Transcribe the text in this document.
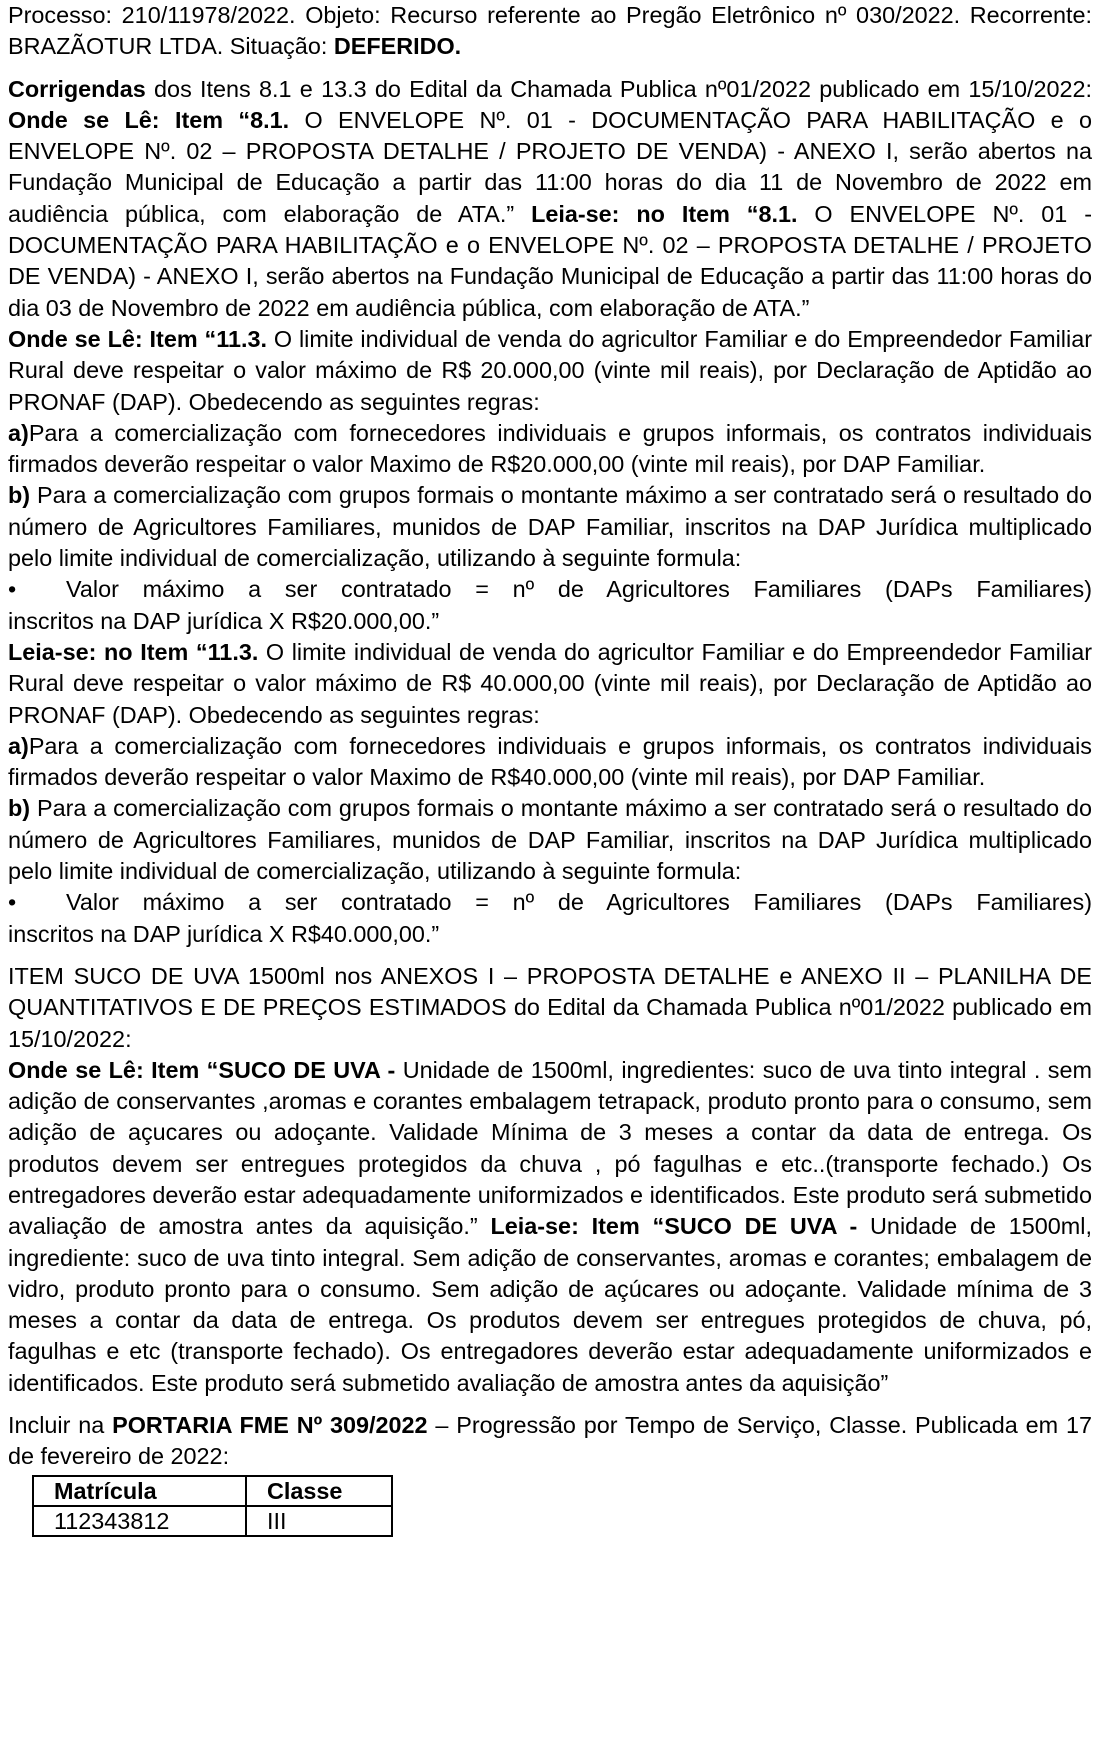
Processo: 210/11978/2022. Objeto: Recurso referente ao Pregão Eletrônico nº 030/2022. Recorrente: BRAZÃOTUR LTDA. Situação: DEFERIDO.

Corrigendas dos Itens 8.1 e 13.3 do Edital da Chamada Publica nº01/2022 publicado em 15/10/2022: Onde se Lê: Item “8.1. O ENVELOPE Nº. 01 - DOCUMENTAÇÃO PARA HABILITAÇÃO e o ENVELOPE Nº. 02 – PROPOSTA DETALHE / PROJETO DE VENDA) - ANEXO I, serão abertos na Fundação Municipal de Educação a partir das 11:00 horas do dia 11 de Novembro de 2022 em audiência pública, com elaboração de ATA.” Leia-se: no Item “8.1. O ENVELOPE Nº. 01 - DOCUMENTAÇÃO PARA HABILITAÇÃO e o ENVELOPE Nº. 02 – PROPOSTA DETALHE / PROJETO DE VENDA) - ANEXO I, serão abertos na Fundação Municipal de Educação a partir das 11:00 horas do dia 03 de Novembro de 2022 em audiência pública, com elaboração de ATA.”

Onde se Lê: Item “11.3. O limite individual de venda do agricultor Familiar e do Empreendedor Familiar Rural deve respeitar o valor máximo de R$ 20.000,00 (vinte mil reais), por Declaração de Aptidão ao PRONAF (DAP). Obedecendo as seguintes regras:

a)Para a comercialização com fornecedores individuais e grupos informais, os contratos individuais firmados deverão respeitar o valor Maximo de R$20.000,00 (vinte mil reais), por DAP Familiar.

b) Para a comercialização com grupos formais o montante máximo a ser contratado será o resultado do número de Agricultores Familiares, munidos de DAP Familiar, inscritos na DAP Jurídica multiplicado pelo limite individual de comercialização, utilizando à seguinte formula:

•	Valor máximo a ser contratado = nº de Agricultores Familiares (DAPs Familiares)

inscritos na DAP jurídica X R$20.000,00.”

Leia-se: no Item “11.3. O limite individual de venda do agricultor Familiar e do Empreendedor Familiar Rural deve respeitar o valor máximo de R$ 40.000,00 (vinte mil reais), por Declaração de Aptidão ao PRONAF (DAP). Obedecendo as seguintes regras:

a)Para a comercialização com fornecedores individuais e grupos informais, os contratos individuais firmados deverão respeitar o valor Maximo de R$40.000,00 (vinte mil reais), por DAP Familiar.

b) Para a comercialização com grupos formais o montante máximo a ser contratado será o resultado do número de Agricultores Familiares, munidos de DAP Familiar, inscritos na DAP Jurídica multiplicado pelo limite individual de comercialização, utilizando à seguinte formula:

•	Valor máximo a ser contratado = nº de Agricultores Familiares (DAPs Familiares)

inscritos na DAP jurídica X R$40.000,00.”

ITEM SUCO DE UVA 1500ml nos ANEXOS I – PROPOSTA DETALHE e ANEXO II – PLANILHA DE QUANTITATIVOS E DE PREÇOS ESTIMADOS do Edital da Chamada Publica nº01/2022 publicado em 15/10/2022:

Onde se Lê: Item “SUCO DE UVA - Unidade de 1500ml, ingredientes: suco de uva tinto integral . sem adição de conservantes ,aromas e corantes embalagem tetrapack, produto pronto para o consumo, sem adição de açucares ou adoçante. Validade Mínima de 3 meses a contar da data de entrega. Os produtos devem ser entregues protegidos da chuva , pó fagulhas e etc..(transporte fechado.) Os entregadores deverão estar adequadamente uniformizados e identificados. Este produto será submetido avaliação de amostra antes da aquisição.” Leia-se: Item “SUCO DE UVA - Unidade de 1500ml, ingrediente: suco de uva tinto integral. Sem adição de conservantes, aromas e corantes; embalagem de vidro, produto pronto para o consumo. Sem adição de açúcares ou adoçante. Validade mínima de 3 meses a contar da data de entrega. Os produtos devem ser entregues protegidos de chuva, pó, fagulhas e etc (transporte fechado). Os entregadores deverão estar adequadamente uniformizados e identificados. Este produto será submetido avaliação de amostra antes da aquisição”

Incluir na PORTARIA FME Nº 309/2022 – Progressão por Tempo de Serviço, Classe. Publicada em 17 de fevereiro de 2022:

Matrícula	Classe
112343812	III
